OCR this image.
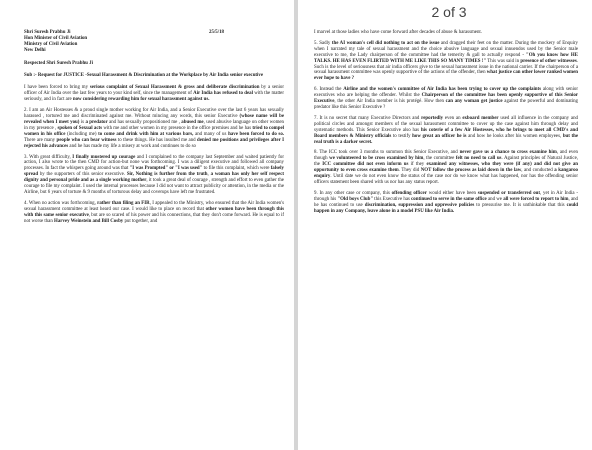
Shri Suresh Prabhu Ji	25/5/18
Hon Minister of Civil Aviation
Ministry of Civil Aviation
New Delhi
Respected Shri Suresh Prabhu Ji

Sub :- Request for JUSTICE -Sexual Harassment & Discrimination at the Workplace by Air India senior executive

I have been forced to bring my serious complaint of Sexual Harassment & gross and deliberate discrimination by a senior officer of Air India over the last few years to your kind self, since the management of Air India has refused to deal with the matter seriously, and in fact are now considering rewarding him for sexual harassment against us.

2. I am an Air Hostesses & a proud single mother working for Air India, and a Senior Executive over the last 6 years has sexually harassed , tortured me and discriminated against me. Without mincing any words, this senior Executive (whose name will be revealed when I meet you) is a predator and has sexually propositioned me , abused me, used abusive language on other women in my presence , spoken of Sexual acts with me and other women in my presence in the office premises and he has tried to compel women in his office (including me) to come and drink with him at various bars, and many of us have been forced to do so. There are many people who can bear witness to these things. He has insulted me and denied me positions and privileges after I rejected his advances and he has made my life a misery at work and continues to do so

3. With great difficulty, I finally mustered up courage and I complained to the company last September and waited patiently for action, I also wrote to the then CMD for action-but none was forthcoming. I was a diligent executive and followed all company processes. In fact the whispers going around was that "I was Prompted" or "I was used" to file this complaint, which were falsely spread by the supporters of this senior executive. Sir, Nothing is further from the truth, a woman has only her self respect dignity and personal pride and as a single working mother, it took a great deal of courage , strength and effort to even gather the courage to file my complaint. I used the internal processes because I did not want to attract publicity or attention, in the media or the Airline, but 6 years of torture & 9 months of torturous delay and coverups have left me frustrated.

4. When no action was forthcoming, rather than filing an FIR, I appealed to the Ministry, who ensured that the Air India women's sexual harassment committee at least heard our case. I would like to place on record that other women have been through this with this same senior executive, but are so scared of his power and his connections, that they don't come forward. He is equal to if not worse than Harvey Weinstein and Bill Cosby put together, and

I marvel at those ladies who have come forward after decades of abuse & harassment.

5. Sadly the AI woman's cell did nothing to act on the issue and dragged their feet on the matter. During the mockery of Enquiry when I narrated my tale of sexual harassment and the choice abusive language and sexual innuendos used by the Senior male executive to me, the Lady chairperson of the committee had the temerity & gall to actually respond - "Oh you know how HE TALKS. HE HAS EVEN FLIRTED WITH ME LIKE THIS SO MANY TIMES !" This was said in presence of other witnesses. Such is the level of seriousness that air india officers give to the sexual harassment issue in the national carrier. If the chairperson of a sexual harassment committee was openly supportive of the actions of the offender, then what justice can other lower ranked women ever hope to have ?

6. Instead the Airline and the women's committee of Air India has been trying to cover up the complaints along with senior executives who are helping the offender. Whilst the Chairperson of the committee has been openly supportive of this Senior Executive, the other Air India member is his protégé. How then can any woman get justice against the powerful and dominating predator like this Senior Executive ?

7. It is no secret that many Executive Directors and reportedly even an exboard member used all influence in the company and political circles and amongst members of the sexual harassment committee to cover up the case against him through delay and systematic methods. This Senior Executive also has his coterie of a few Air Hostesses, who he brings to meet all CMD's and Board members & Ministry officials to testify how great an officer he is and how he looks after his women employees, but the real truth is a darker secret.

8. The ICC took over 3 months to summon this Senior Executive, and never gave us a chance to cross examine him, and even though we volunteered to be cross examined by him, the committee felt no need to call us. Against principles of Natural Justice, the ICC committee did not even inform us if they examined any witnesses, who they were (if any) and did not give an opportunity to even cross examine them. They did NOT follow the process as laid down in the law, and conducted a kangaroo enquiry. Until date we do not even know the status of the case nor do we know what has happened, nor has the offending senior officers statement been shared with us nor has any status report.

9. In any other case or company, this offending officer would either have been suspended or transferred out, yet in Air India - through his "Old boys Club" this Executive has continued to serve in the same office and we all were forced to report to him, and he has continued to use discrimination, suppression and oppressive policies to pressurise me. It is unthinkable that this could happen in any Company, leave alone in a model PSU like Air India.

2 of 3
